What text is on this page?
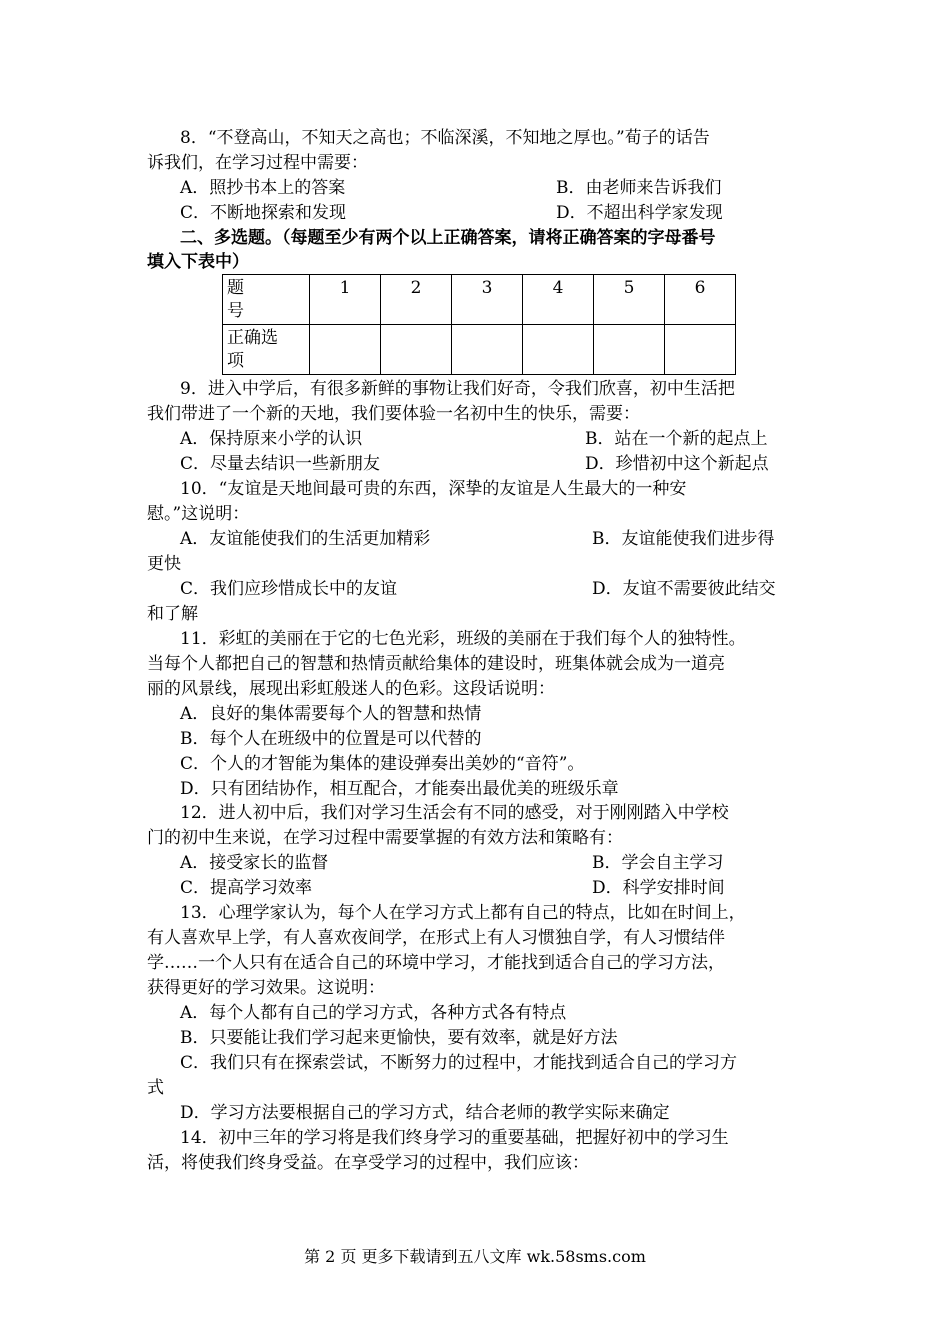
8．“不登高山，不知天之高也；不临深溪，不知地之厚也。”荀子的话告
诉我们，在学习过程中需要：
A．照抄书本上的答案	B．由老师来告诉我们
C．不断地探索和发现	D．不超出科学家发现
二、多选题。（每题至少有两个以上正确答案，请将正确答案的字母番号
填入下表中）
题
号	1	2	3	4	5	6

正确选
项						

9．进入中学后，有很多新鲜的事物让我们好奇，令我们欣喜，初中生活把
我们带进了一个新的天地，我们要体验一名初中生的快乐，需要：
A．保持原来小学的认识	B．站在一个新的起点上
C．尽量去结识一些新朋友	D．珍惜初中这个新起点
10．“友谊是天地间最可贵的东西，深挚的友谊是人生最大的一种安
慰。”这说明：
A．友谊能使我们的生活更加精彩	B．友谊能使我们进步得
更快
C．我们应珍惜成长中的友谊	D．友谊不需要彼此结交
和了解
11．彩虹的美丽在于它的七色光彩，班级的美丽在于我们每个人的独特性。
当每个人都把自己的智慧和热情贡献给集体的建设时，班集体就会成为一道亮
丽的风景线，展现出彩虹般迷人的色彩。这段话说明：
A．良好的集体需要每个人的智慧和热情
B．每个人在班级中的位置是可以代替的
C．个人的才智能为集体的建设弹奏出美妙的“音符”。
D．只有团结协作，相互配合，才能奏出最优美的班级乐章
12．进人初中后，我们对学习生活会有不同的感受，对于刚刚踏入中学校
门的初中生来说，在学习过程中需要掌握的有效方法和策略有：
A．接受家长的监督	B．学会自主学习
C．提高学习效率	D．科学安排时间
13．心理学家认为，每个人在学习方式上都有自己的特点，比如在时间上，
有人喜欢早上学，有人喜欢夜间学，在形式上有人习惯独自学，有人习惯结伴
学……一个人只有在适合自己的环境中学习，才能找到适合自己的学习方法，
获得更好的学习效果。这说明：
A．每个人都有自己的学习方式，各种方式各有特点
B．只要能让我们学习起来更愉快，要有效率，就是好方法
C．我们只有在探索尝试，不断努力的过程中，才能找到适合自己的学习方
式
D．学习方法要根据自己的学习方式，结合老师的教学实际来确定
14．初中三年的学习将是我们终身学习的重要基础，把握好初中的学习生
活，将使我们终身受益。在享受学习的过程中，我们应该：
第 2 页 更多下载请到五八文库 wk.58sms.com
